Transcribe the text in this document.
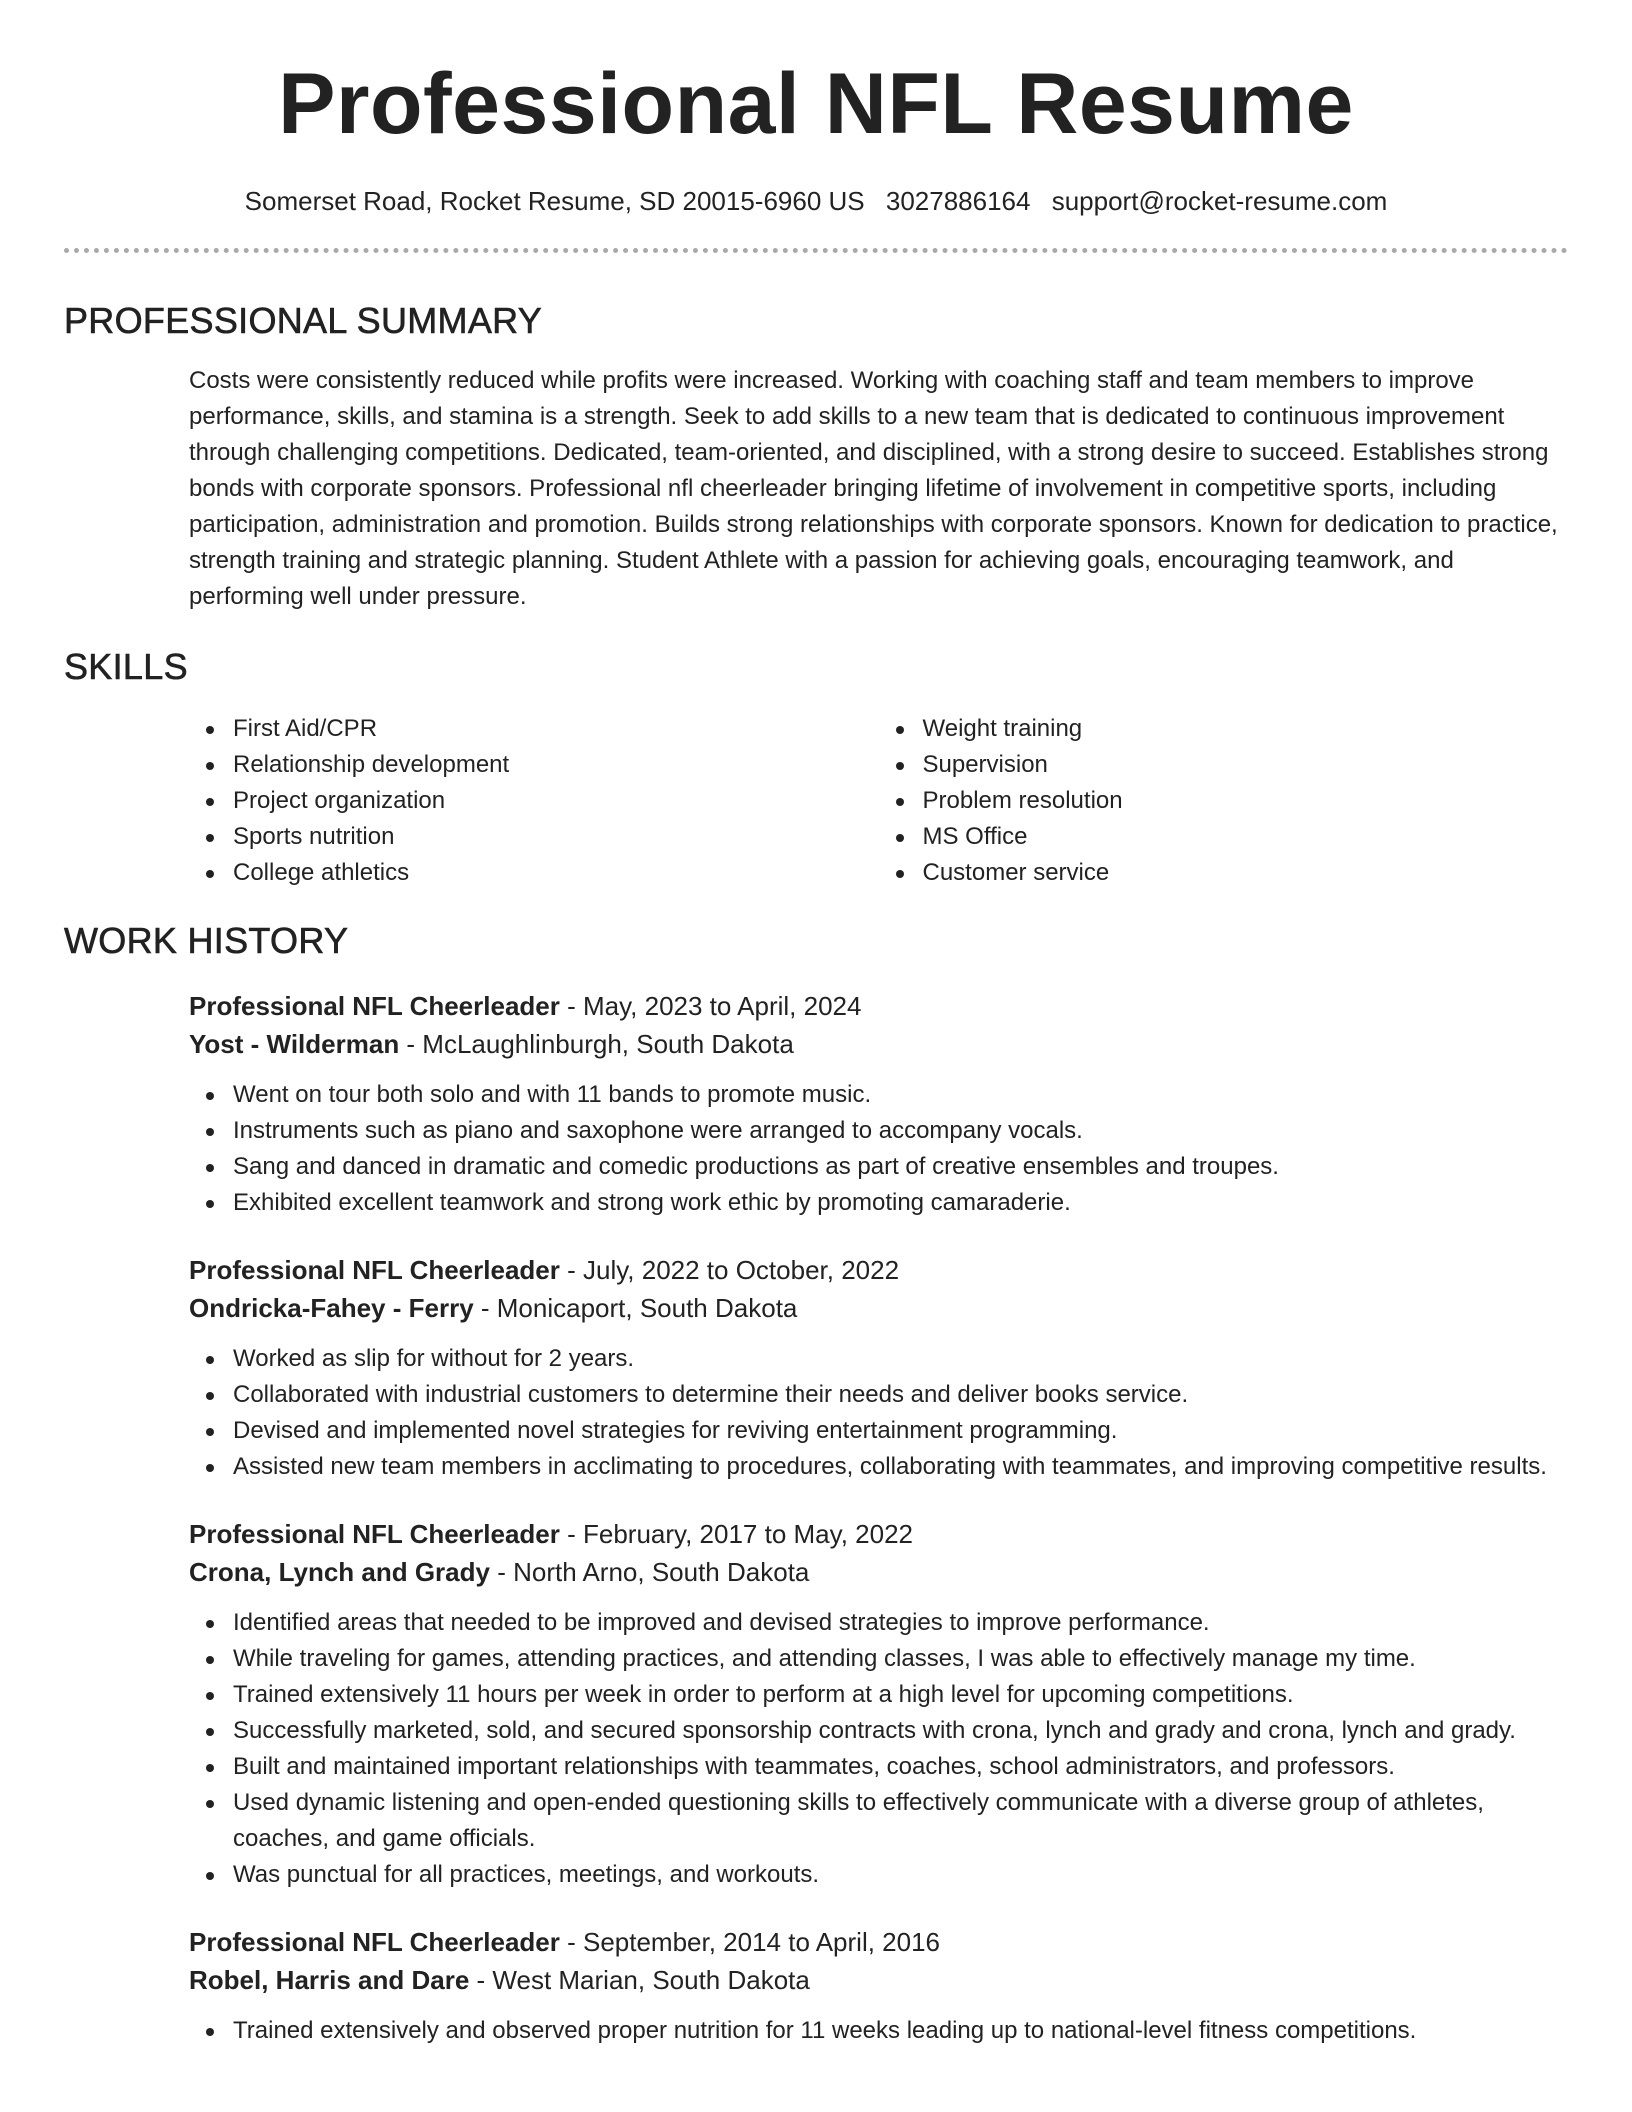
Professional NFL Resume
Somerset Road, Rocket Resume, SD 20015-6960 US 3027886164 support@rocket-resume.com
PROFESSIONAL SUMMARY
Costs were consistently reduced while profits were increased. Working with coaching staff and team members to improve performance, skills, and stamina is a strength. Seek to add skills to a new team that is dedicated to continuous improvement through challenging competitions. Dedicated, team-oriented, and disciplined, with a strong desire to succeed. Establishes strong bonds with corporate sponsors. Professional nfl cheerleader bringing lifetime of involvement in competitive sports, including participation, administration and promotion. Builds strong relationships with corporate sponsors. Known for dedication to practice, strength training and strategic planning. Student Athlete with a passion for achieving goals, encouraging teamwork, and performing well under pressure.
SKILLS
First Aid/CPR
Relationship development
Project organization
Sports nutrition
College athletics
Weight training
Supervision
Problem resolution
MS Office
Customer service
WORK HISTORY
Professional NFL Cheerleader - May, 2023 to April, 2024
Yost - Wilderman - McLaughlinburgh, South Dakota
Went on tour both solo and with 11 bands to promote music.
Instruments such as piano and saxophone were arranged to accompany vocals.
Sang and danced in dramatic and comedic productions as part of creative ensembles and troupes.
Exhibited excellent teamwork and strong work ethic by promoting camaraderie.
Professional NFL Cheerleader - July, 2022 to October, 2022
Ondricka-Fahey - Ferry - Monicaport, South Dakota
Worked as slip for without for 2 years.
Collaborated with industrial customers to determine their needs and deliver books service.
Devised and implemented novel strategies for reviving entertainment programming.
Assisted new team members in acclimating to procedures, collaborating with teammates, and improving competitive results.
Professional NFL Cheerleader - February, 2017 to May, 2022
Crona, Lynch and Grady - North Arno, South Dakota
Identified areas that needed to be improved and devised strategies to improve performance.
While traveling for games, attending practices, and attending classes, I was able to effectively manage my time.
Trained extensively 11 hours per week in order to perform at a high level for upcoming competitions.
Successfully marketed, sold, and secured sponsorship contracts with crona, lynch and grady and crona, lynch and grady.
Built and maintained important relationships with teammates, coaches, school administrators, and professors.
Used dynamic listening and open-ended questioning skills to effectively communicate with a diverse group of athletes, coaches, and game officials.
Was punctual for all practices, meetings, and workouts.
Professional NFL Cheerleader - September, 2014 to April, 2016
Robel, Harris and Dare - West Marian, South Dakota
Trained extensively and observed proper nutrition for 11 weeks leading up to national-level fitness competitions.
